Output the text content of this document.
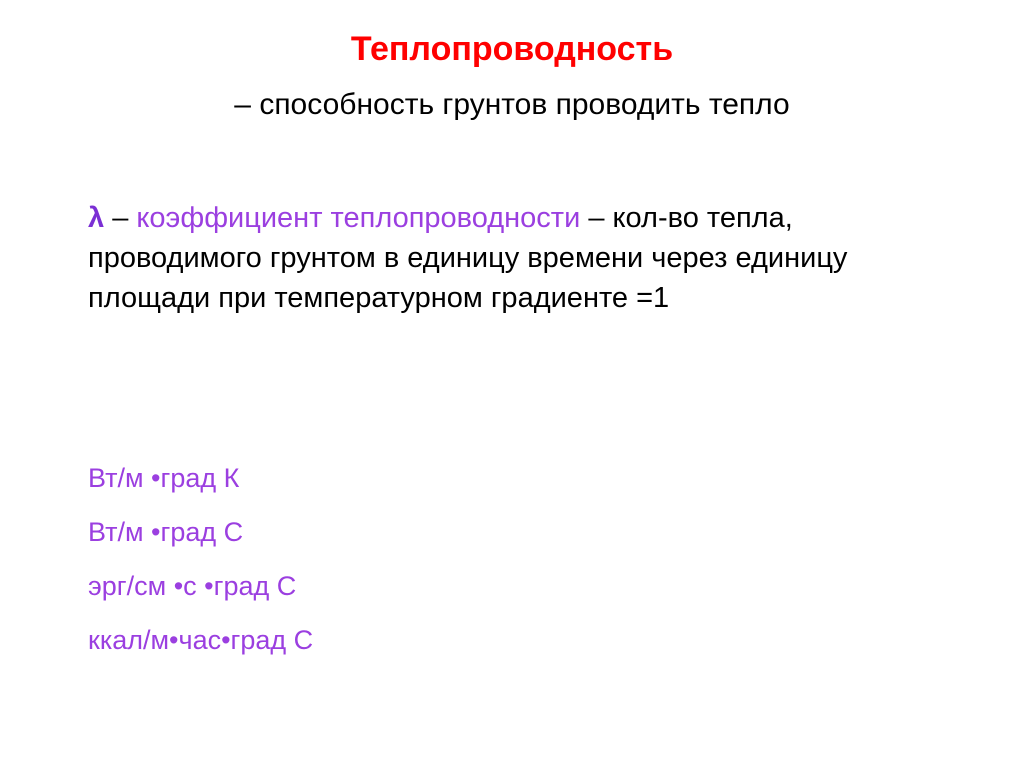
Теплопроводность
– способность грунтов проводить тепло
λ – коэффициент теплопроводности – кол-во тепла, проводимого грунтом в единицу времени через единицу площади при температурном градиенте =1
Вт/м •град К
Вт/м •град С
эрг/см •с •град С
ккал/м•час•град С
